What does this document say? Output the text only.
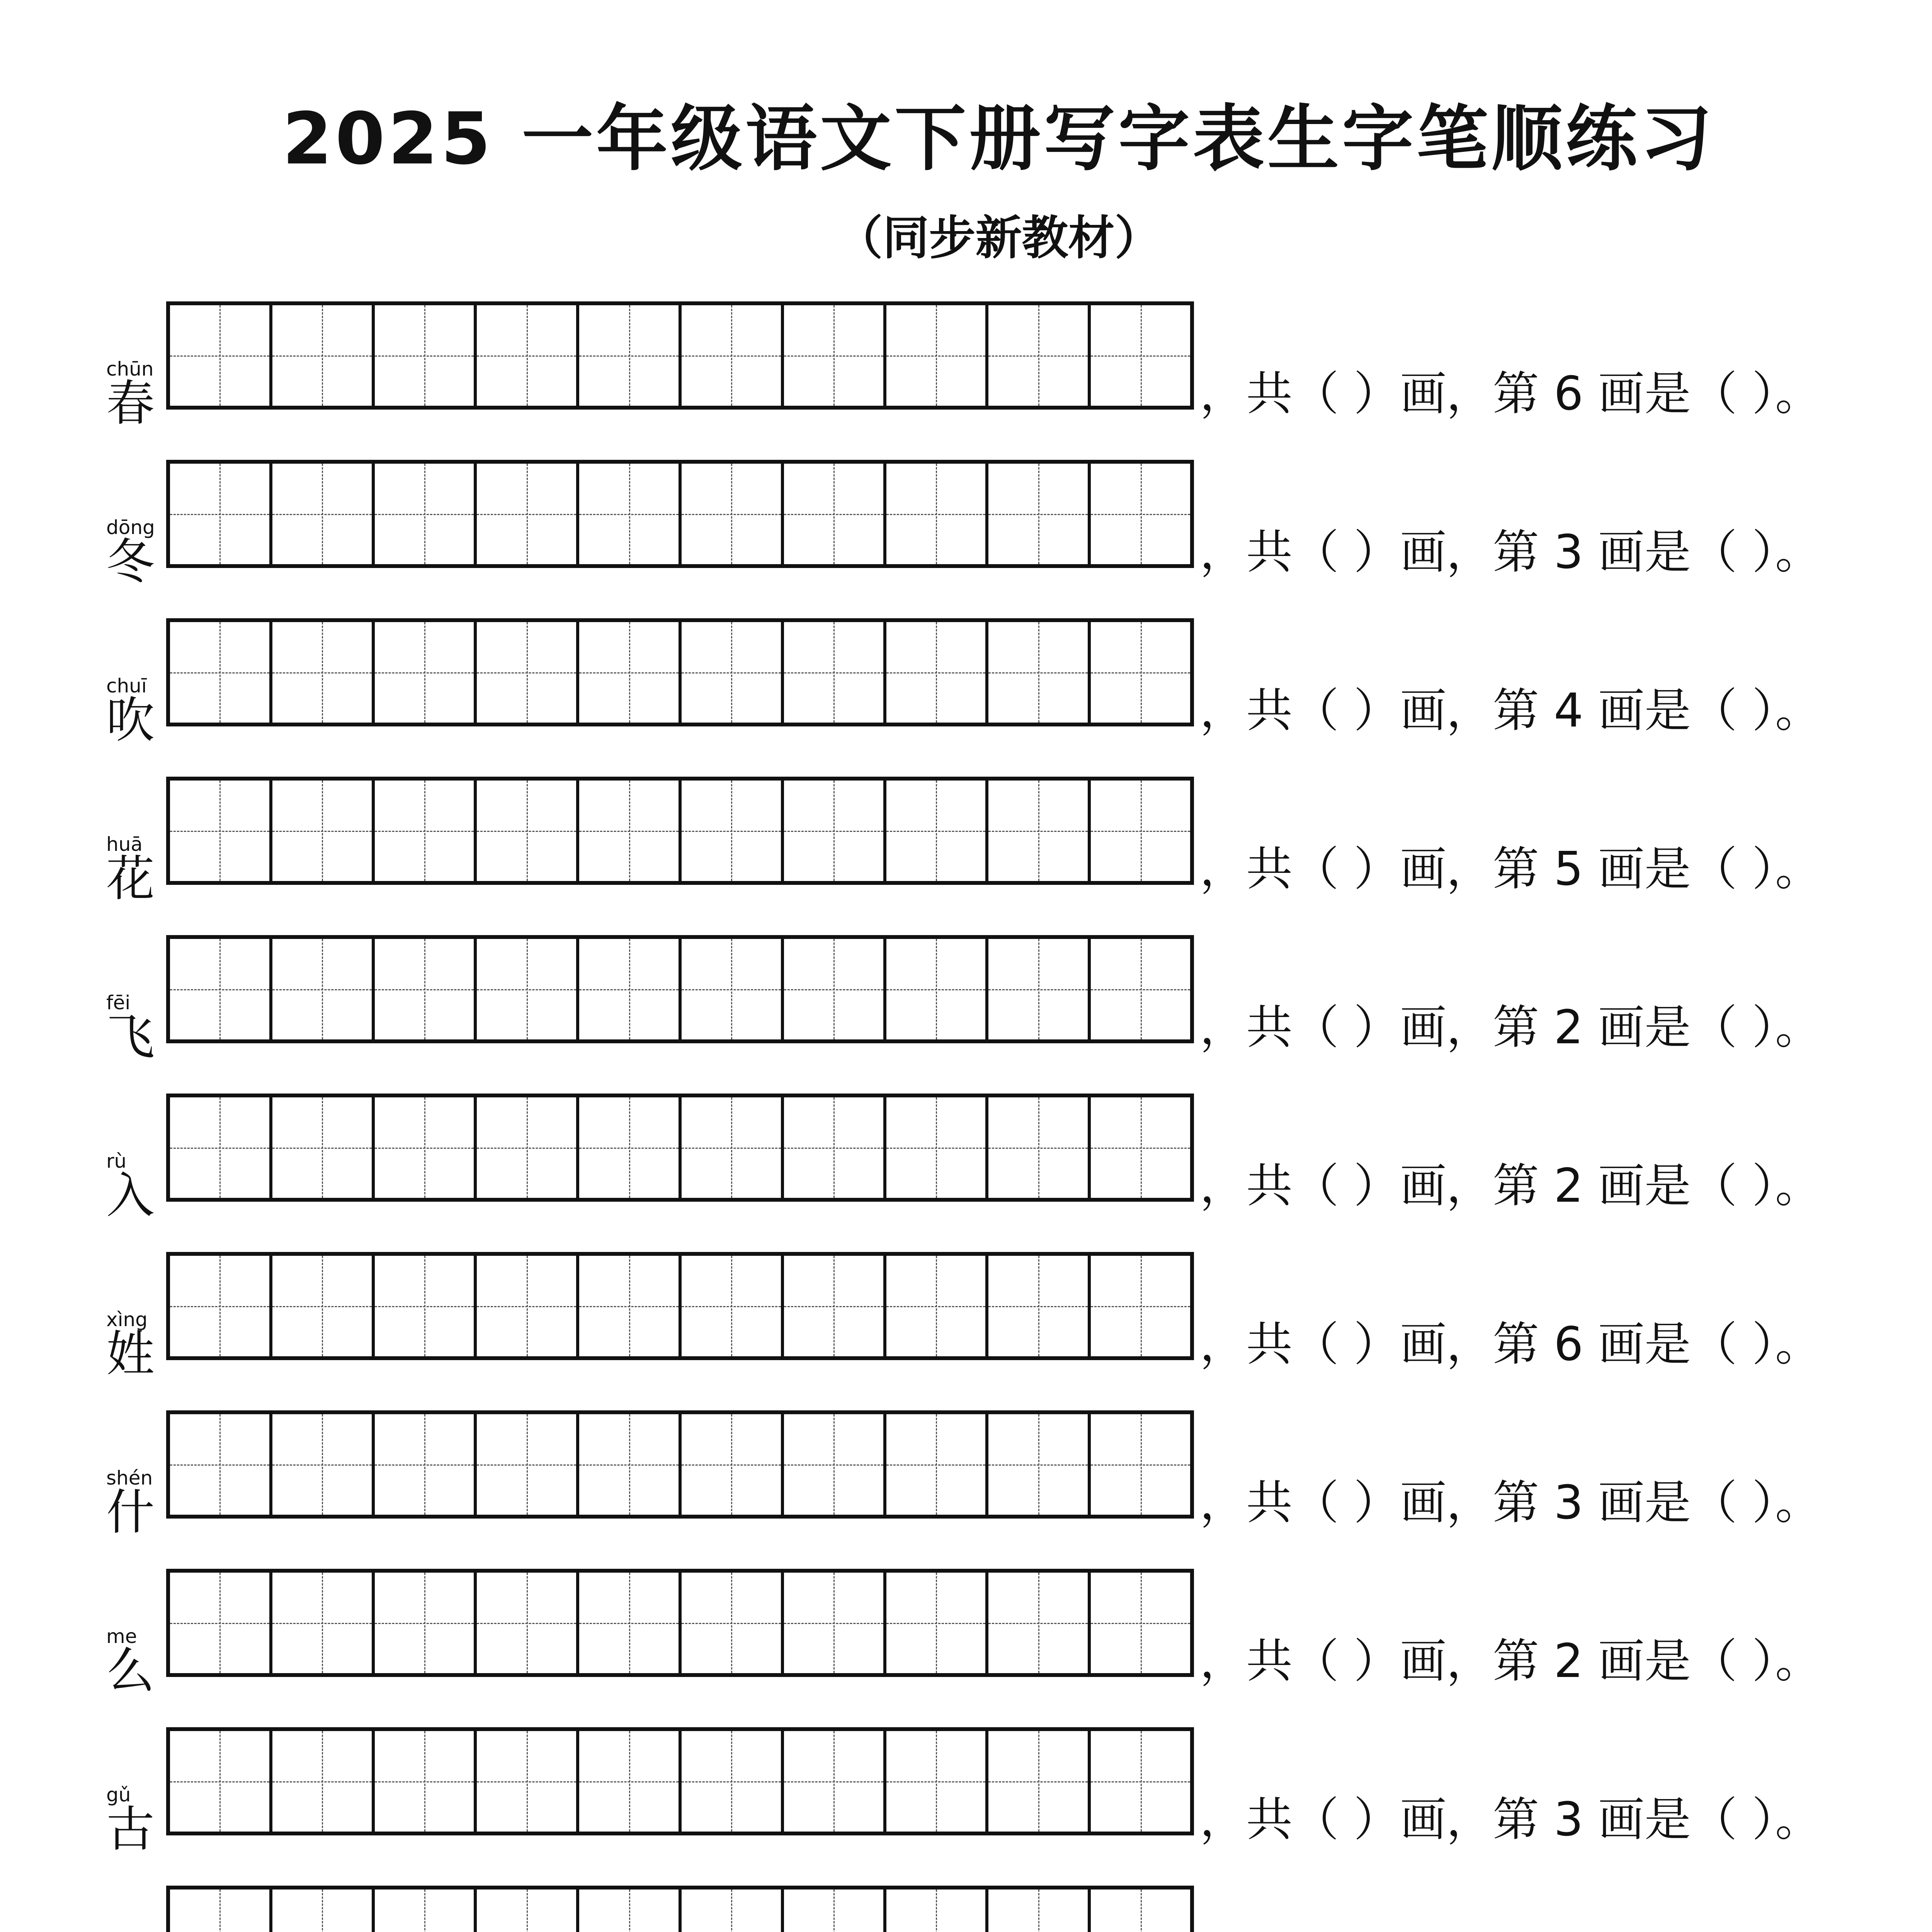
2025 一年级语文下册写字表生字笔顺练习
（同步新教材）
chūn
春	，共（ ）画，第 6 画是（ ）。
dōng
冬	，共（ ）画，第 3 画是（ ）。
chuī
吹	，共（ ）画，第 4 画是（ ）。
huā
花	，共（ ）画，第 5 画是（ ）。
fēi
飞	，共（ ）画，第 2 画是（ ）。
rù
入	，共（ ）画，第 2 画是（ ）。
xìng
姓	，共（ ）画，第 6 画是（ ）。
shén
什	，共（ ）画，第 3 画是（ ）。
me
么	，共（ ）画，第 2 画是（ ）。
gǔ
古	，共（ ）画，第 3 画是（ ）。
